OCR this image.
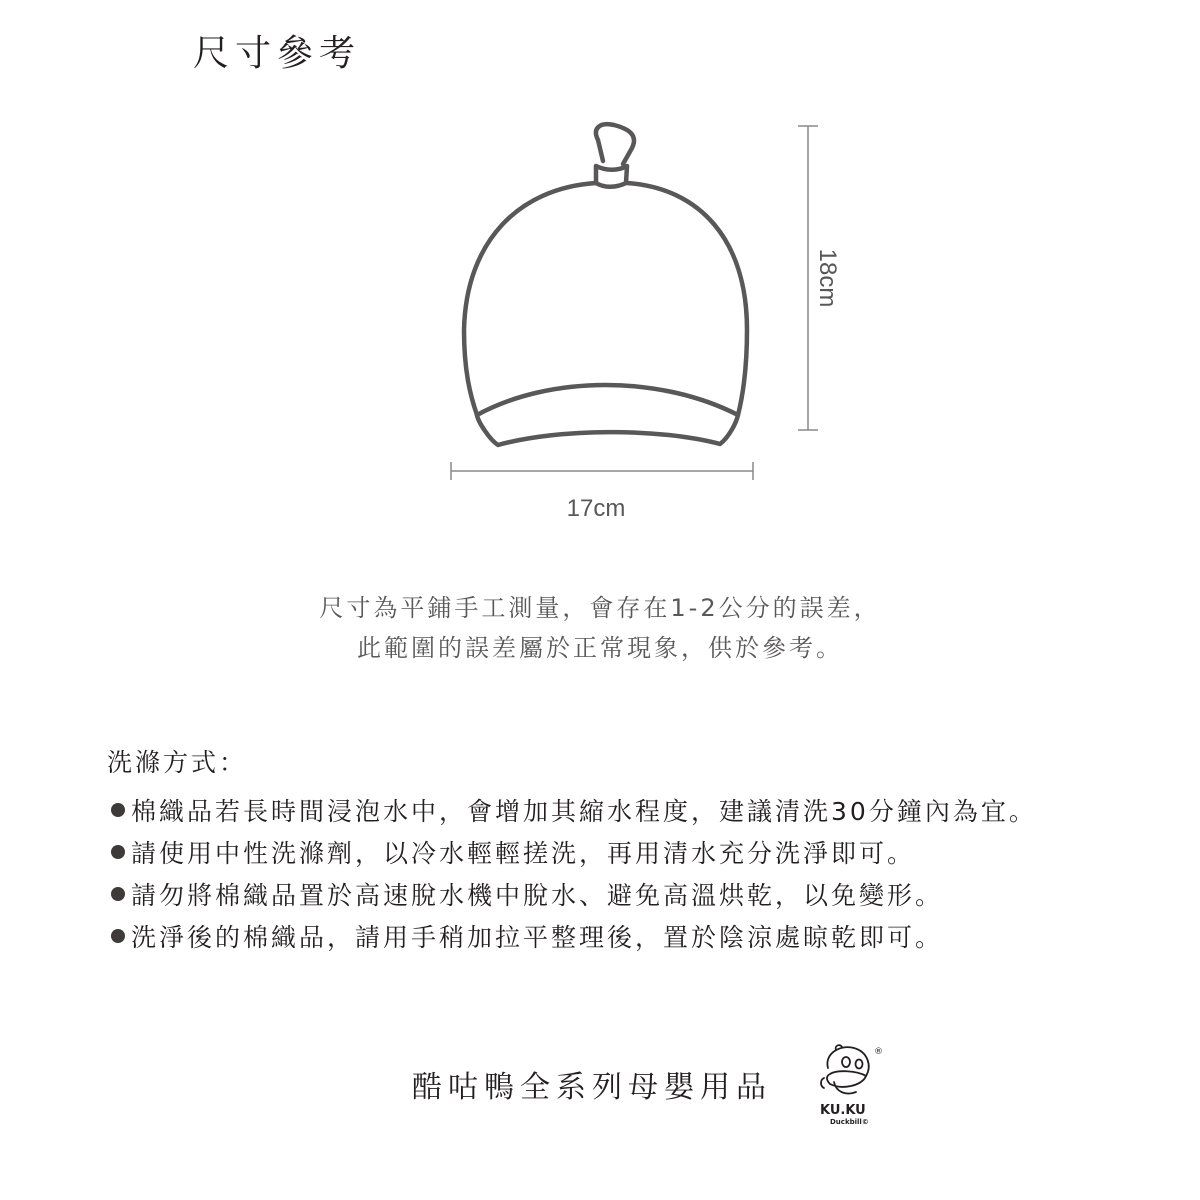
尺寸參考
18cm
17cm
尺寸為平鋪手工測量，會存在1-2公分的誤差，
此範圍的誤差屬於正常現象，供於參考。
洗滌方式：
棉織品若長時間浸泡水中，會增加其縮水程度，建議清洗30分鐘內為宜。
請使用中性洗滌劑，以冷水輕輕搓洗，再用清水充分洗淨即可。
請勿將棉織品置於高速脫水機中脫水、避免高溫烘乾，以免變形。
洗淨後的棉織品，請用手稍加拉平整理後，置於陰涼處晾乾即可。
酷咕鴨全系列母嬰用品
®
KU.KU
Duckbill©
